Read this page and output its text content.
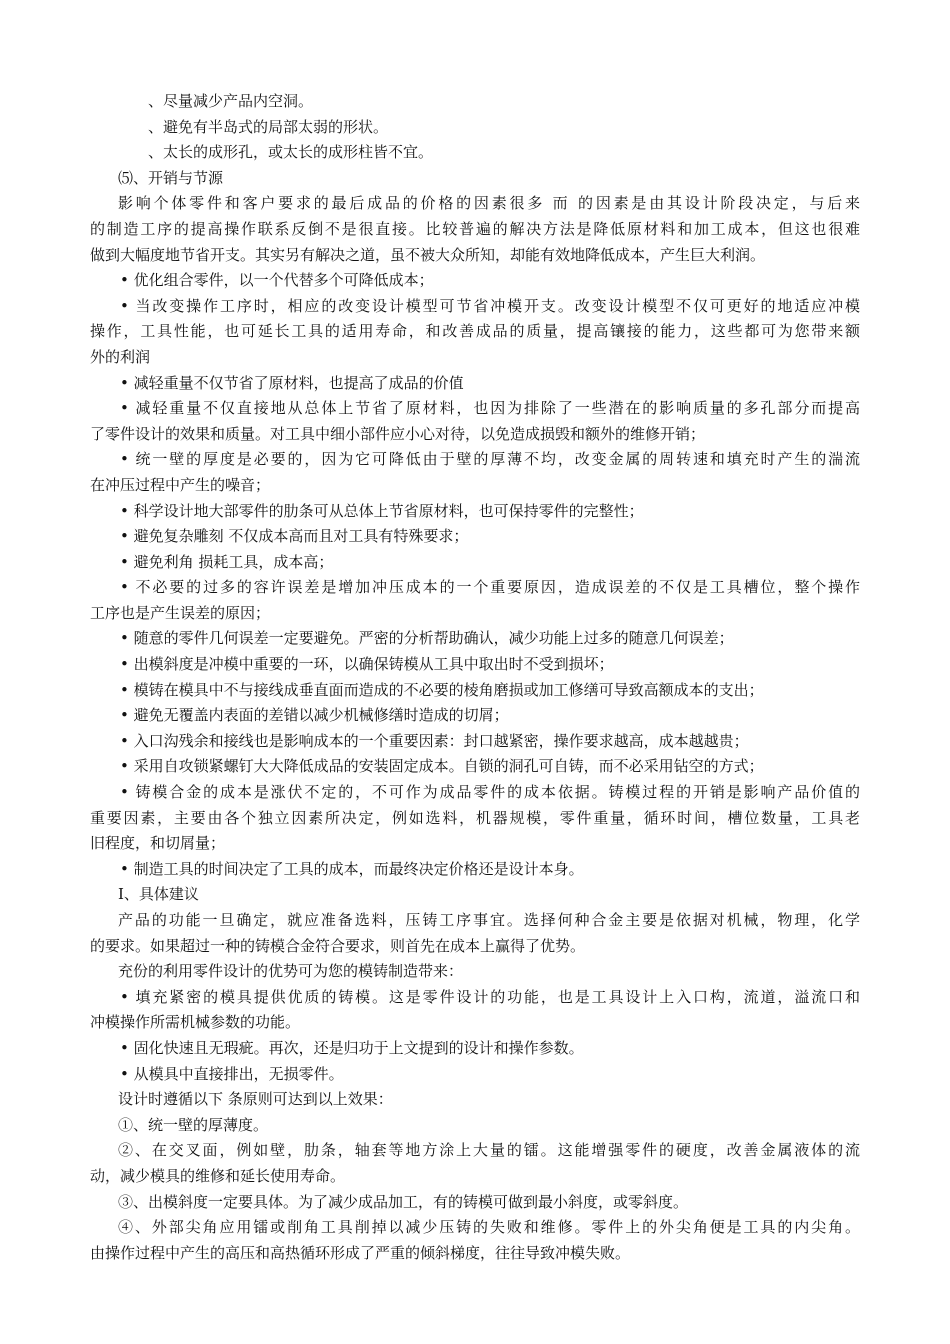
、尽量减少产品内空洞。
、避免有半岛式的局部太弱的形状。
、太长的成形孔，或太长的成形柱皆不宜。
⑸、开销与节源
影响个体零件和客户要求的最后成品的价格的因素很多 而 的因素是由其设计阶段决定，与后来
的制造工序的提高操作联系反倒不是很直接。比较普遍的解决方法是降低原材料和加工成本，但这也很难
做到大幅度地节省开支。其实另有解决之道，虽不被大众所知，却能有效地降低成本，产生巨大利润。
• 优化组合零件，以一个代替多个可降低成本；
• 当改变操作工序时，相应的改变设计模型可节省冲模开支。改变设计模型不仅可更好的地适应冲模
操作，工具性能，也可延长工具的适用寿命，和改善成品的质量，提高镶接的能力，这些都可为您带来额
外的利润
• 减轻重量不仅节省了原材料，也提高了成品的价值
• 减轻重量不仅直接地从总体上节省了原材料，也因为排除了一些潜在的影响质量的多孔部分而提高
了零件设计的效果和质量。对工具中细小部件应小心对待，以免造成损毁和额外的维修开销；
• 统一壁的厚度是必要的，因为它可降低由于壁的厚薄不均，改变金属的周转速和填充时产生的湍流
在冲压过程中产生的噪音；
• 科学设计地大部零件的肋条可从总体上节省原材料，也可保持零件的完整性；
• 避免复杂雕刻 不仅成本高而且对工具有特殊要求；
• 避免利角 损耗工具，成本高；
• 不必要的过多的容许误差是增加冲压成本的一个重要原因，造成误差的不仅是工具槽位，整个操作
工序也是产生误差的原因；
• 随意的零件几何误差一定要避免。严密的分析帮助确认，减少功能上过多的随意几何误差；
• 出模斜度是冲模中重要的一环，以确保铸模从工具中取出时不受到损坏；
• 模铸在模具中不与接线成垂直面而造成的不必要的棱角磨损或加工修缮可导致高额成本的支出；
• 避免无覆盖内表面的差错以减少机械修缮时造成的切屑；
• 入口沟残余和接线也是影响成本的一个重要因素：封口越紧密，操作要求越高，成本越越贵；
• 采用自攻锁紧螺钉大大降低成品的安装固定成本。自锁的洞孔可自铸，而不必采用钻空的方式；
• 铸模合金的成本是涨伏不定的，不可作为成品零件的成本依据。铸模过程的开销是影响产品价值的
重要因素，主要由各个独立因素所决定，例如选料，机器规模，零件重量，循环时间，槽位数量，工具老
旧程度，和切屑量；
• 制造工具的时间决定了工具的成本，而最终决定价格还是设计本身。
Ⅰ、具体建议
产品的功能一旦确定，就应准备选料，压铸工序事宜。选择何种合金主要是依据对机械，物理，化学
的要求。如果超过一种的铸模合金符合要求，则首先在成本上赢得了优势。
充份的利用零件设计的优势可为您的模铸制造带来：
• 填充紧密的模具提供优质的铸模。这是零件设计的功能，也是工具设计上入口构，流道，溢流口和
冲模操作所需机械参数的功能。
• 固化快速且无瑕疵。再次，还是归功于上文提到的设计和操作参数。
• 从模具中直接排出，无损零件。
设计时遵循以下 条原则可达到以上效果：
①、统一壁的厚薄度。
②、在交叉面，例如壁，肋条，轴套等地方涂上大量的镭。这能增强零件的硬度，改善金属液体的流
动，减少模具的维修和延长使用寿命。
③、出模斜度一定要具体。为了减少成品加工，有的铸模可做到最小斜度，或零斜度。
④、外部尖角应用镭或削角工具削掉以减少压铸的失败和维修。零件上的外尖角便是工具的内尖角。
由操作过程中产生的高压和高热循环形成了严重的倾斜梯度，往往导致冲模失败。
